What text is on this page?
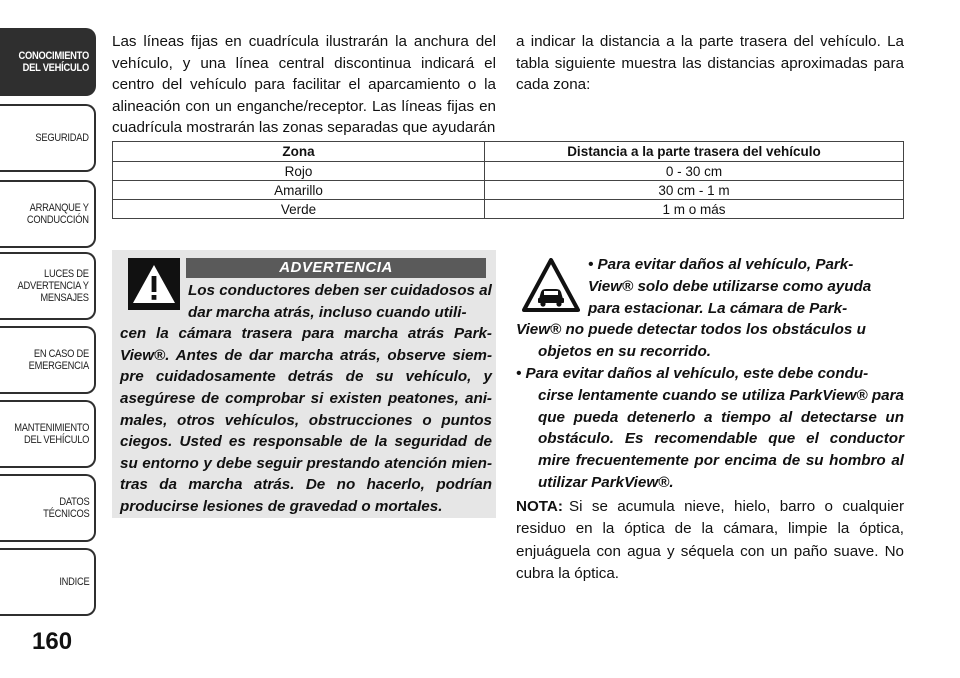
CONOCIMIENTO
DEL VEHÍCULO
SEGURIDAD
ARRANQUE Y
CONDUCCIÓN
LUCES DE
ADVERTENCIA Y
MENSAJES
EN CASO DE
EMERGENCIA
MANTENIMIENTO
DEL VEHÍCULO
DATOS
TÉCNICOS
INDICE
160
Las líneas fijas en cuadrícula ilustrarán la anchura del vehículo, y una línea central discontinua indicará el centro del vehículo para facilitar el aparcamiento o la alineación con un enganche/receptor. Las líneas fijas en cuadrícula mostrarán las zonas separadas que ayudarán
a indicar la distancia a la parte trasera del vehículo. La tabla siguiente muestra las distancias aproximadas para cada zona:
Zona	Distancia a la parte trasera del vehículo
Rojo	0 - 30 cm
Amarillo	30 cm - 1 m
Verde	1 m o más
ADVERTENCIA
Los conductores deben ser cuidadosos al
dar marcha atrás, incluso cuando utili-
cen la cámara trasera para marcha atrás Park-View®. Antes de dar marcha atrás, observe siem-pre cuidadosamente detrás de su vehículo, y asegúrese de comprobar si existen peatones, ani-males, otros vehículos, obstrucciones o puntos ciegos. Usted es responsable de la seguridad de su entorno y debe seguir prestando atención mien-tras da marcha atrás. De no hacerlo, podrían producirse lesiones de gravedad o mortales.
• Para evitar daños al vehículo, Park-
View® solo debe utilizarse como ayuda
para estacionar. La cámara de Park-
View® no puede detectar todos los obstáculos u
objetos en su recorrido.
• Para evitar daños al vehículo, este debe condu-
cirse lentamente cuando se utiliza ParkView® para que pueda detenerlo a tiempo al detectarse un obstáculo. Es recomendable que el conductor mire frecuentemente por encima de su hombro al utilizar ParkView®.
NOTA: Si se acumula nieve, hielo, barro o cualquier residuo en la óptica de la cámara, limpie la óptica, enjuáguela con agua y séquela con un paño suave. No cubra la óptica.
